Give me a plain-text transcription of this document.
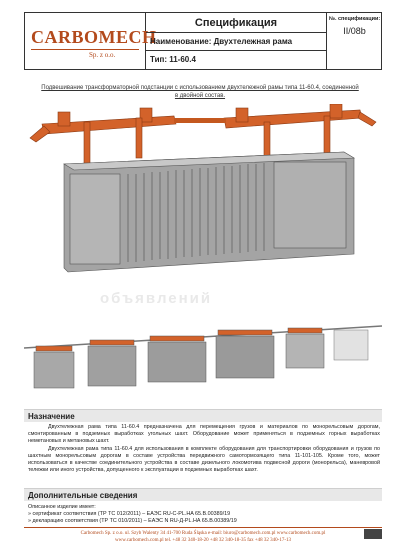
CARBOMECH
Sp. z o.o.
Спецификация
Наименование: Двухтележная рама
Тип: 11-60.4
№. спецификации:
II/08b
Подвешивание трансформаторной подстанции с использованием двухтележной рамы типа 11-60.4, соединенной в двойной состав.
объявлений
Назначение
Двухтележная рама типа 11-60.4 предназначена для перемещения грузов и материалов по монорельсовым дорогам, смонтированным в подземных выработках угольных шахт. Оборудование может применяться в подземных горных выработках неметановых и метановых шахт.
Двухтележная рама типа 11-60.4 для использования в комплекте оборудования для транспортировки оборудования и грузов по шахтным монорельсовым дорогам в составе устройства передвижного самотормозящего типа 11-101-105. Кроме того, может использоваться в качестве соединительного устройства в составе дизельного локомотива подвесной дороги (монорельса), маневровой тележки или иного устройства, допущенного к эксплуатации в подземных выработках шахт.
Дополнительные сведения
Описанное изделие имеет:
» сертификат соответствия (ТР ТС 012/2011) – ЕАЭС RU-C-PL.HA 65.B.00389/19
» декларацию соответствия (ТР ТС 010/2011) – ЕАЭС N RU-Д-PL.HA 65.B.00389/19
Carbomech Sp. z o.o. ul. Szyb Walenty 34 41-700 Ruda Śląska e-mail: biuro@carbomech.com.pl www.carbomech.com.pl
www.carbomech.com.pl tel. +48 32 340-18-20 +48 32 340-18-35 fax +48 32 340-17-13
